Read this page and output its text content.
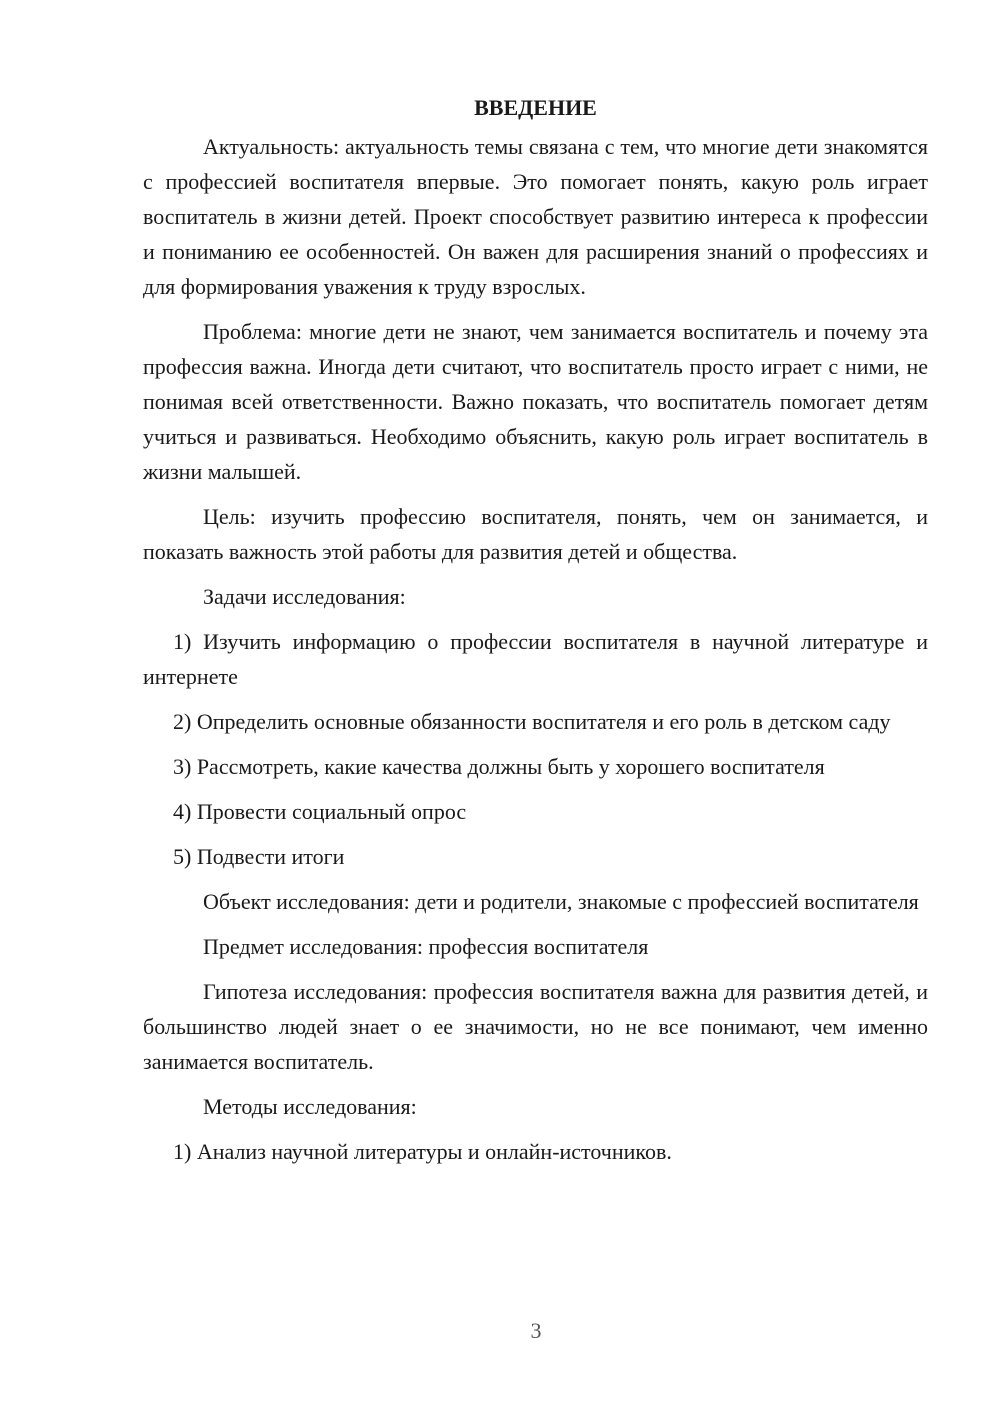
ВВЕДЕНИЕ

Актуальность: актуальность темы связана с тем, что многие дети знакомятся с профессией воспитателя впервые. Это помогает понять, какую роль играет воспитатель в жизни детей. Проект способствует развитию интереса к профессии и пониманию ее особенностей. Он важен для расширения знаний о профессиях и для формирования уважения к труду взрослых.

Проблема: многие дети не знают, чем занимается воспитатель и почему эта профессия важна. Иногда дети считают, что воспитатель просто играет с ними, не понимая всей ответственности. Важно показать, что воспитатель помогает детям учиться и развиваться. Необходимо объяснить, какую роль играет воспитатель в жизни малышей.

Цель: изучить профессию воспитателя, понять, чем он занимается, и показать важность этой работы для развития детей и общества.

Задачи исследования:

1) Изучить информацию о профессии воспитателя в научной литературе и интернете

2) Определить основные обязанности воспитателя и его роль в детском саду

3) Рассмотреть, какие качества должны быть у хорошего воспитателя

4) Провести социальный опрос

5) Подвести итоги

Объект исследования: дети и родители, знакомые с профессией воспитателя

Предмет исследования: профессия воспитателя

Гипотеза исследования: профессия воспитателя важна для развития детей, и большинство людей знает о ее значимости, но не все понимают, чем именно занимается воспитатель.

Методы исследования:

1) Анализ научной литературы и онлайн-источников.

3
